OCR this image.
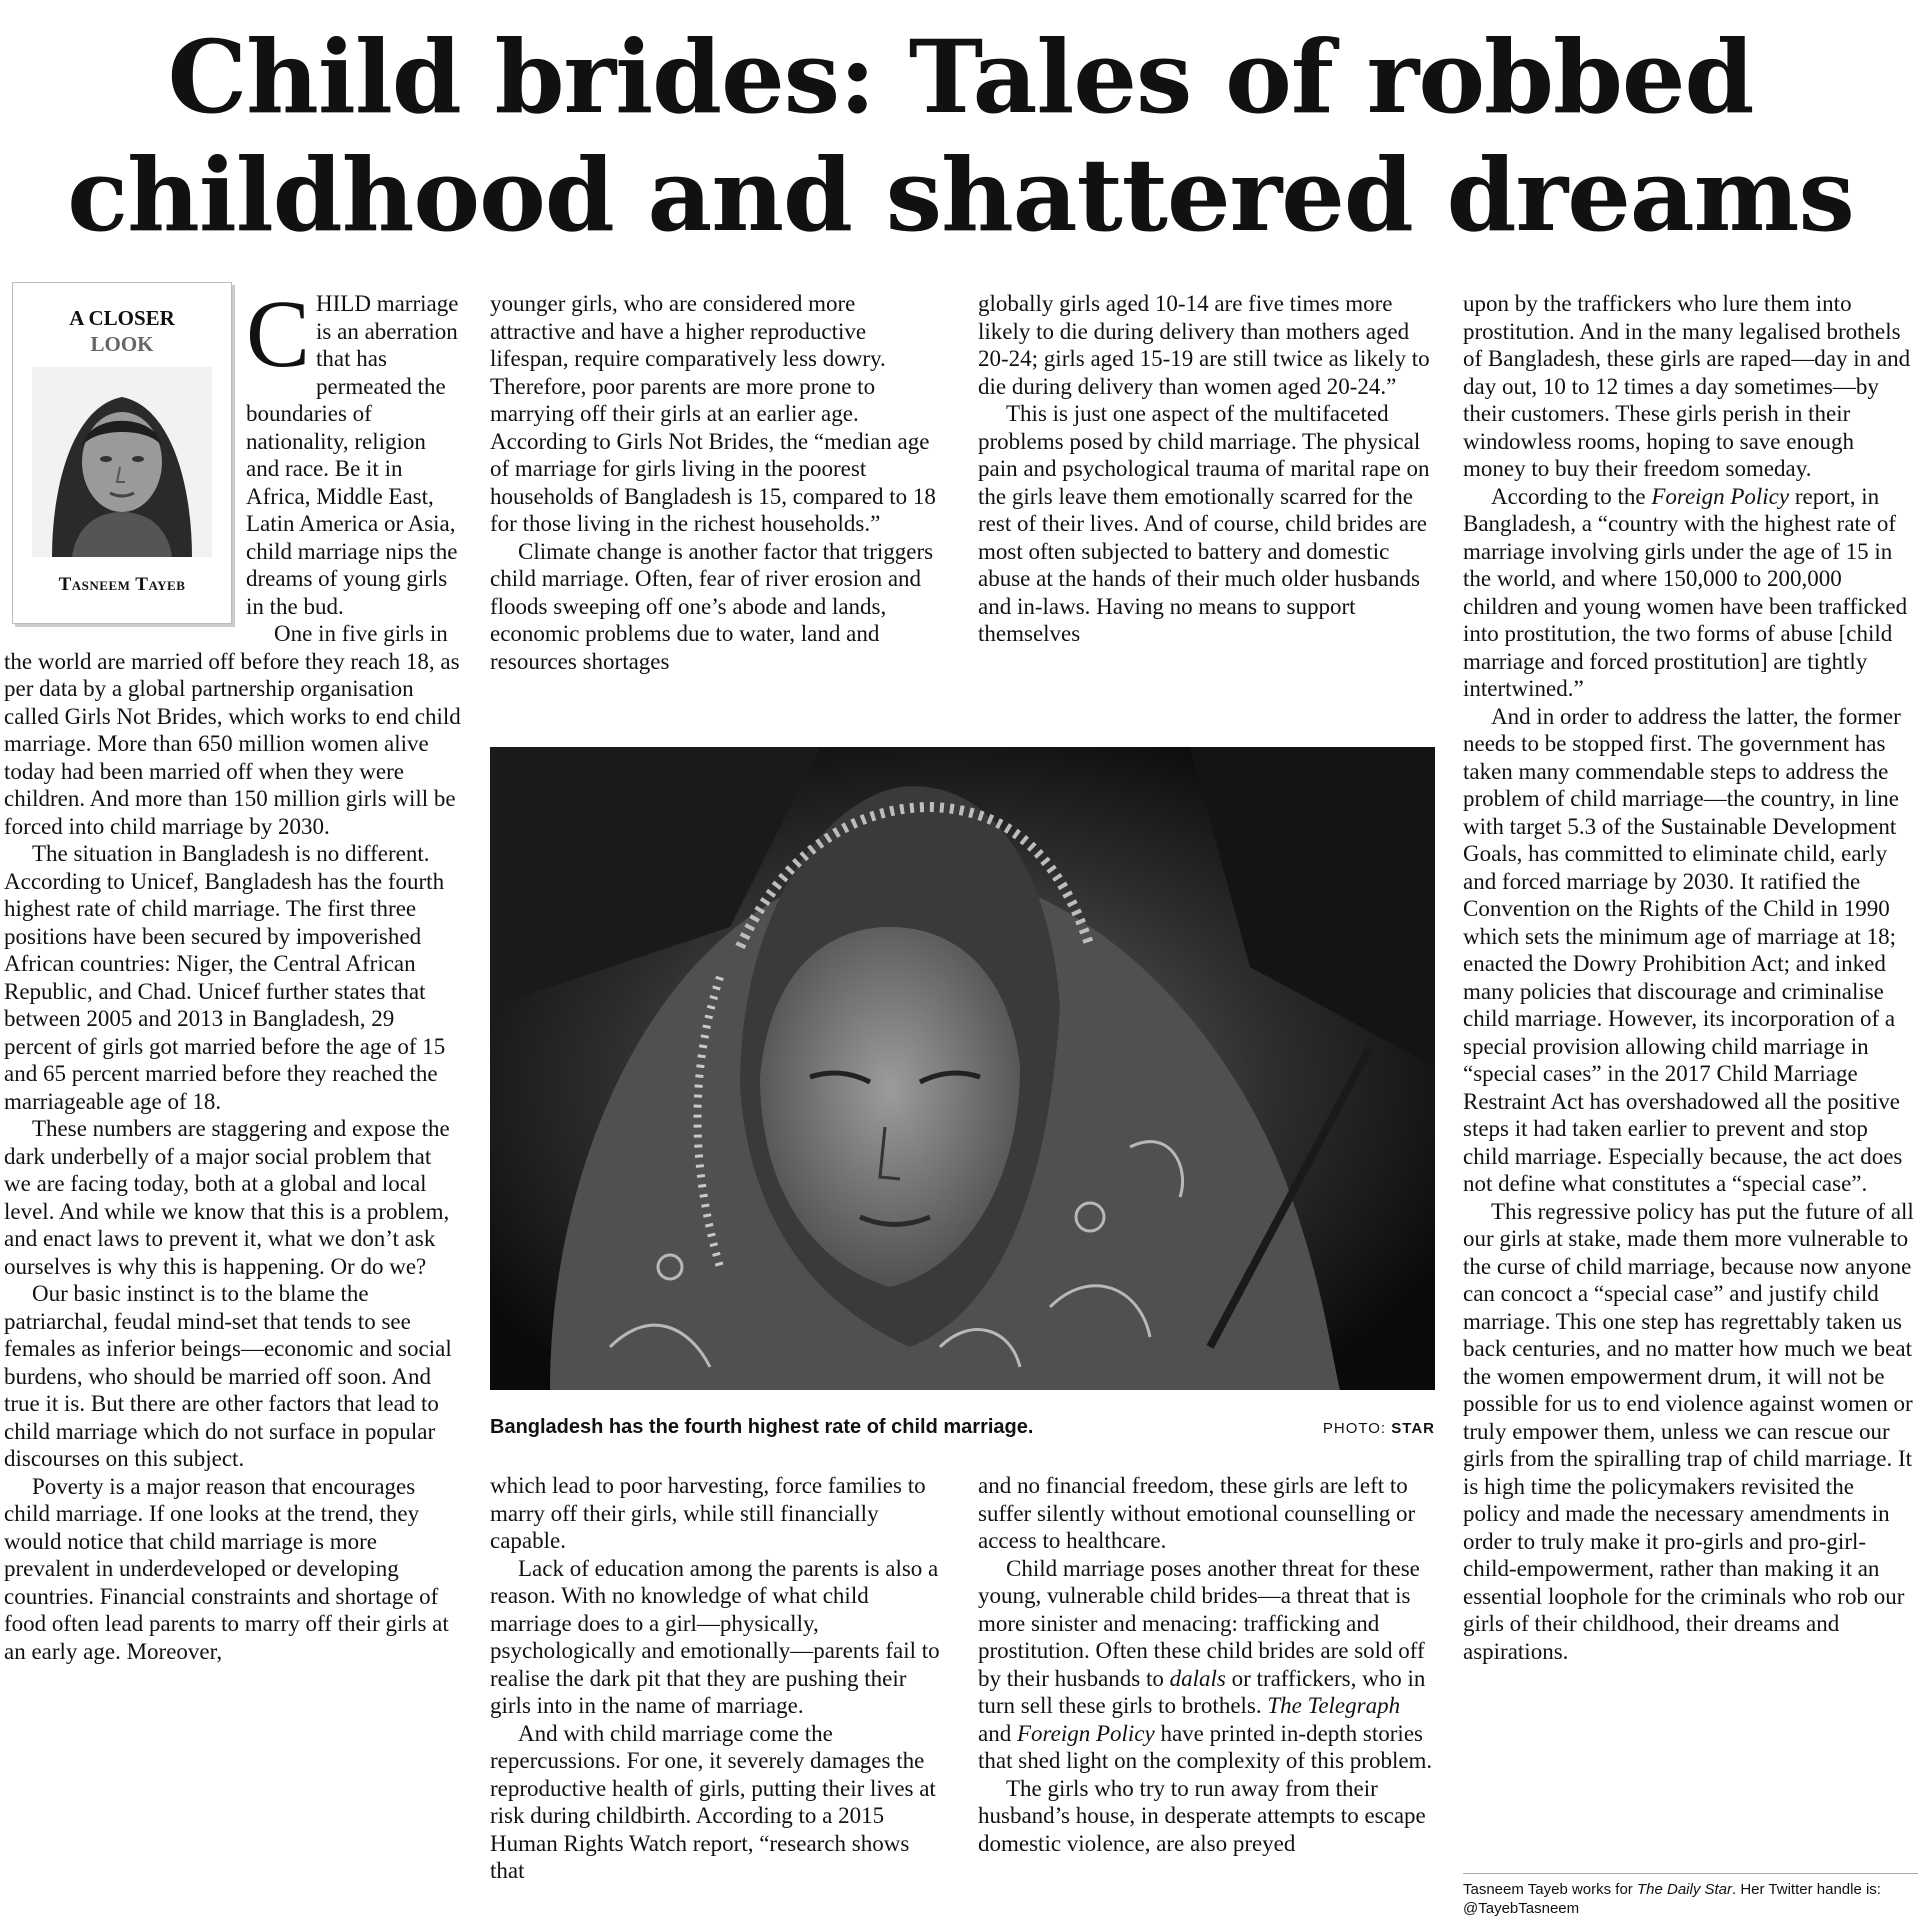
Child brides: Tales of robbed
childhood and shattered dreams
A CLOSER
LOOK
Tasneem Tayeb

CHILD marriage is an aberration that has permeated the boundaries of nationality, religion and race. Be it in Africa, Middle East, Latin America or Asia, child marriage nips the dreams of young girls in the bud.

One in five girls in the world are married off before they reach 18, as per data by a global partnership organisation called Girls Not Brides, which works to end child marriage. More than 650 million women alive today had been married off when they were children. And more than 150 million girls will be forced into child marriage by 2030.

The situation in Bangladesh is no different. According to Unicef, Bangladesh has the fourth highest rate of child marriage. The first three positions have been secured by impoverished African countries: Niger, the Central African Republic, and Chad. Unicef further states that between 2005 and 2013 in Bangladesh, 29 percent of girls got married before the age of 15 and 65 percent married before they reached the marriageable age of 18.

These numbers are staggering and expose the dark underbelly of a major social problem that we are facing today, both at a global and local level. And while we know that this is a problem, and enact laws to prevent it, what we don’t ask ourselves is why this is happening. Or do we?

Our basic instinct is to the blame the patriarchal, feudal mind-set that tends to see females as inferior beings—economic and social burdens, who should be married off soon. And true it is. But there are other factors that lead to child marriage which do not surface in popular discourses on this subject.

Poverty is a major reason that encourages child marriage. If one looks at the trend, they would notice that child marriage is more prevalent in underdeveloped or developing countries. Financial constraints and shortage of food often lead parents to marry off their girls at an early age. Moreover,

younger girls, who are considered more attractive and have a higher reproductive lifespan, require comparatively less dowry. Therefore, poor parents are more prone to marrying off their girls at an earlier age. According to Girls Not Brides, the “median age of marriage for girls living in the poorest households of Bangladesh is 15, compared to 18 for those living in the richest households.”

Climate change is another factor that triggers child marriage. Often, fear of river erosion and floods sweeping off one’s abode and lands, economic problems due to water, land and resources shortages

globally girls aged 10-14 are five times more likely to die during delivery than mothers aged 20-24; girls aged 15-19 are still twice as likely to die during delivery than women aged 20-24.”

This is just one aspect of the multifaceted problems posed by child marriage. The physical pain and psychological trauma of marital rape on the girls leave them emotionally scarred for the rest of their lives. And of course, child brides are most often subjected to battery and domestic abuse at the hands of their much older husbands and in-laws. Having no means to support themselves

Bangladesh has the fourth highest rate of child marriage.	PHOTO: STAR

which lead to poor harvesting, force families to marry off their girls, while still financially capable.

Lack of education among the parents is also a reason. With no knowledge of what child marriage does to a girl—physically, psychologically and emotionally—parents fail to realise the dark pit that they are pushing their girls into in the name of marriage.

And with child marriage come the repercussions. For one, it severely damages the reproductive health of girls, putting their lives at risk during childbirth. According to a 2015 Human Rights Watch report, “research shows that

and no financial freedom, these girls are left to suffer silently without emotional counselling or access to healthcare.

Child marriage poses another threat for these young, vulnerable child brides—a threat that is more sinister and menacing: trafficking and prostitution. Often these child brides are sold off by their husbands to dalals or traffickers, who in turn sell these girls to brothels. The Telegraph and Foreign Policy have printed in-depth stories that shed light on the complexity of this problem.

The girls who try to run away from their husband’s house, in desperate attempts to escape domestic violence, are also preyed

upon by the traffickers who lure them into prostitution. And in the many legalised brothels of Bangladesh, these girls are raped—day in and day out, 10 to 12 times a day sometimes—by their customers. These girls perish in their windowless rooms, hoping to save enough money to buy their freedom someday.

According to the Foreign Policy report, in Bangladesh, a “country with the highest rate of marriage involving girls under the age of 15 in the world, and where 150,000 to 200,000 children and young women have been trafficked into prostitution, the two forms of abuse [child marriage and forced prostitution] are tightly intertwined.”

And in order to address the latter, the former needs to be stopped first. The government has taken many commendable steps to address the problem of child marriage—the country, in line with target 5.3 of the Sustainable Development Goals, has committed to eliminate child, early and forced marriage by 2030. It ratified the Convention on the Rights of the Child in 1990 which sets the minimum age of marriage at 18; enacted the Dowry Prohibition Act; and inked many policies that discourage and criminalise child marriage. However, its incorporation of a special provision allowing child marriage in “special cases” in the 2017 Child Marriage Restraint Act has overshadowed all the positive steps it had taken earlier to prevent and stop child marriage. Especially because, the act does not define what constitutes a “special case”.

This regressive policy has put the future of all our girls at stake, made them more vulnerable to the curse of child marriage, because now anyone can concoct a “special case” and justify child marriage. This one step has regrettably taken us back centuries, and no matter how much we beat the women empowerment drum, it will not be possible for us to end violence against women or truly empower them, unless we can rescue our girls from the spiralling trap of child marriage. It is high time the policymakers revisited the policy and made the necessary amendments in order to truly make it pro-girls and pro-girl-child-empowerment, rather than making it an essential loophole for the criminals who rob our girls of their childhood, their dreams and aspirations.

Tasneem Tayeb works for The Daily Star. Her Twitter handle is: @TayebTasneem
